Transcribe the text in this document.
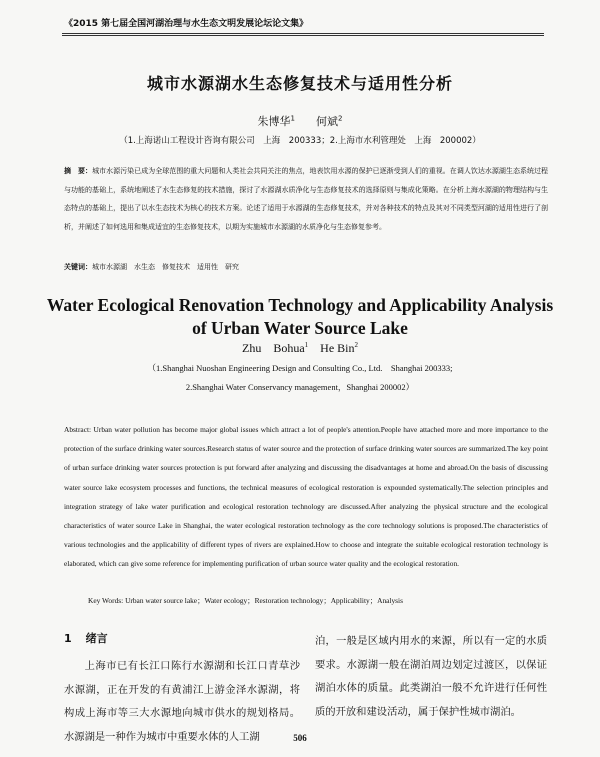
《2015 第七届全国河湖治理与水生态文明发展论坛论文集》
城市水源湖水生态修复技术与适用性分析
朱博华$^1$ 何斌$^2$
（1.上海诺山工程设计咨询有限公司　上海　200333；2.上海市水利管理处　上海　200002）
摘　要：城市水源污染已成为全球范围的重大问题和人类社会共同关注的焦点，地表饮用水源的保护已逐渐受到人们的重视。在调人饮达水源湖生态系统过程与功能的基础上，系统地阐述了水生态修复的技术措施，探讨了水源湖水质净化与生态修复技术的选择原则与集成化策略。在分析上海水源湖的物理结构与生态特点的基础上，提出了以水生态技术为核心的技术方案。论述了适用于水源湖的生态修复技术，并对各种技术的特点及其对不同类型河湖的适用性进行了剖析，并阐述了如何选用和集成适宜的生态修复技术，以期为实施城市水源湖的水质净化与生态修复参考。
关键词：城市水源湖　水生态　修复技术　适用性　研究
Water Ecological Renovation Technology and Applicability Analysis
of Urban Water Source Lake
Zhu　Bohua$^1$ He Bin$^2$
（1.Shanghai Nuoshan Engineering Design and Consulting Co., Ltd.　Shanghai 200333;
2.Shanghai Water Conservancy management，Shanghai 200002）
Abstract: Urban water pollution has become major global issues which attract a lot of people's attention.People have attached more and more importance to the protection of the surface drinking water sources.Research status of water source and the protection of surface drinking water sources are summarized.The key point of urban surface drinking water sources protection is put forward after analyzing and discussing the disadvantages at home and abroad.On the basis of discussing water source lake ecosystem processes and functions, the technical measures of ecological restoration is expounded systematically.The selection principles and integration strategy of lake water purification and ecological restoration technology are discussed.After analyzing the physical structure and the ecological characteristics of water source Lake in Shanghai, the water ecological restoration technology as the core technology solutions is proposed.The characteristics of various technologies and the applicability of different types of rivers are explained.How to choose and integrate the suitable ecological restoration technology is elaborated, which can give some reference for implementing purification of urban source water quality and the ecological restoration.
Key Words: Urban water source lake；Water ecology；Restoration technology；Applicability；Analysis
1 绪言

上海市已有长江口陈行水源湖和长江口青草沙水源湖，正在开发的有黄浦江上游金泽水源湖，将构成上海市等三大水源地向城市供水的规划格局。水源湖是一种作为城市中重要水体的人工湖

泊，一般是区域内用水的来源，所以有一定的水质要求。水源湖一般在湖泊周边划定过渡区，以保证湖泊水体的质量。此类湖泊一般不允许进行任何性质的开放和建设活动，属于保护性城市湖泊。

506
